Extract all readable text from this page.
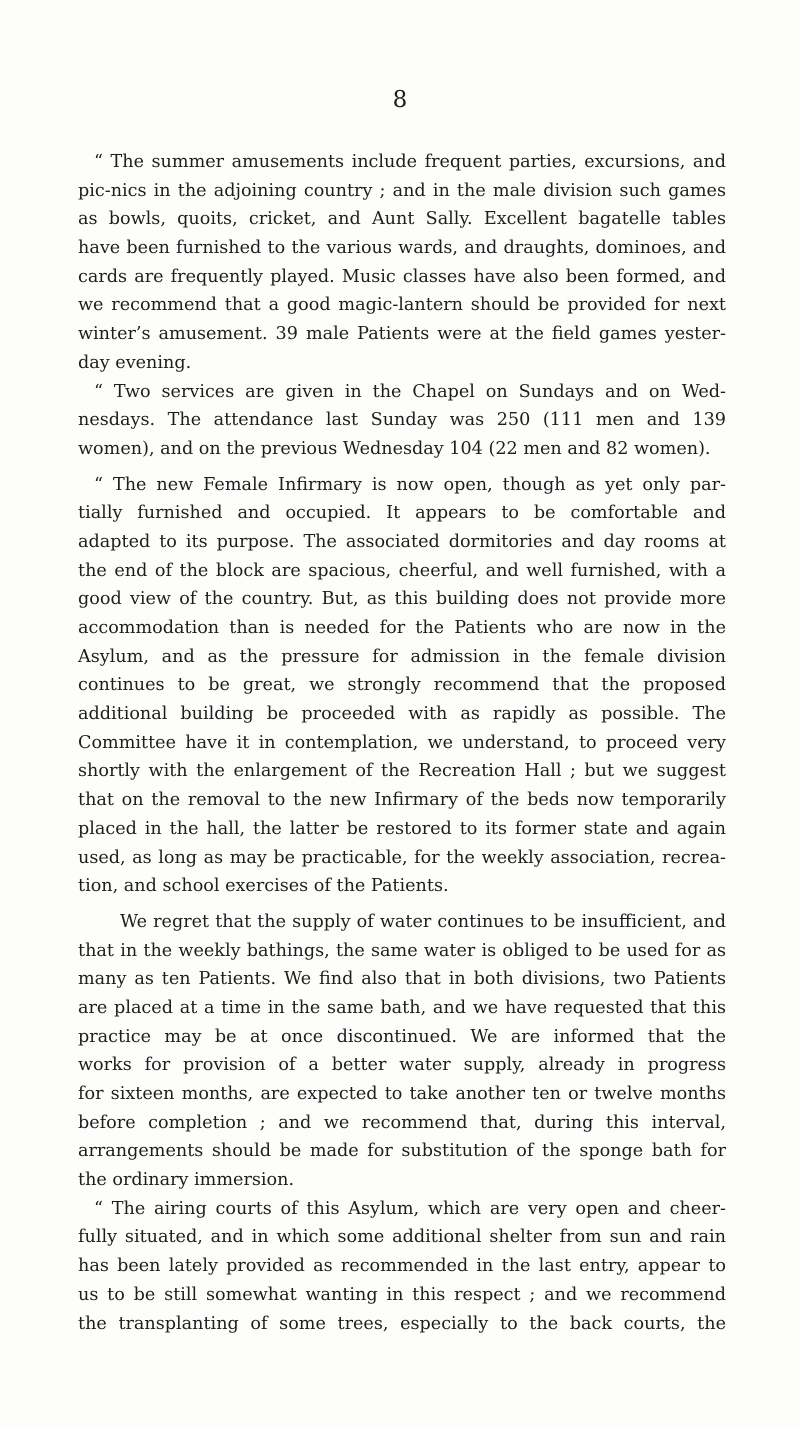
8
“ The summer amusements include frequent parties, excursions, and
pic-nics in the adjoining country ; and in the male division such games
as bowls, quoits, cricket, and Aunt Sally. Excellent bagatelle tables
have been furnished to the various wards, and draughts, dominoes, and
cards are frequently played. Music classes have also been formed, and
we recommend that a good magic-lantern should be provided for next
winter’s amusement. 39 male Patients were at the field games yester-
day evening.
“ Two services are given in the Chapel on Sundays and on Wed-
nesdays. The attendance last Sunday was 250 (111 men and 139
women), and on the previous Wednesday 104 (22 men and 82 women).
“ The new Female Infirmary is now open, though as yet only par-
tially furnished and occupied. It appears to be comfortable and
adapted to its purpose. The associated dormitories and day rooms at
the end of the block are spacious, cheerful, and well furnished, with a
good view of the country. But, as this building does not provide more
accommodation than is needed for the Patients who are now in the
Asylum, and as the pressure for admission in the female division
continues to be great, we strongly recommend that the proposed
additional building be proceeded with as rapidly as possible. The
Committee have it in contemplation, we understand, to proceed very
shortly with the enlargement of the Recreation Hall ; but we suggest
that on the removal to the new Infirmary of the beds now temporarily
placed in the hall, the latter be restored to its former state and again
used, as long as may be practicable, for the weekly association, recrea-
tion, and school exercises of the Patients.
We regret that the supply of water continues to be insufficient, and
that in the weekly bathings, the same water is obliged to be used for as
many as ten Patients. We find also that in both divisions, two Patients
are placed at a time in the same bath, and we have requested that this
practice may be at once discontinued. We are informed that the
works for provision of a better water supply, already in progress
for sixteen months, are expected to take another ten or twelve months
before completion ; and we recommend that, during this interval,
arrangements should be made for substitution of the sponge bath for
the ordinary immersion.
“ The airing courts of this Asylum, which are very open and cheer-
fully situated, and in which some additional shelter from sun and rain
has been lately provided as recommended in the last entry, appear to
us to be still somewhat wanting in this respect ; and we recommend
the transplanting of some trees, especially to the back courts, the
